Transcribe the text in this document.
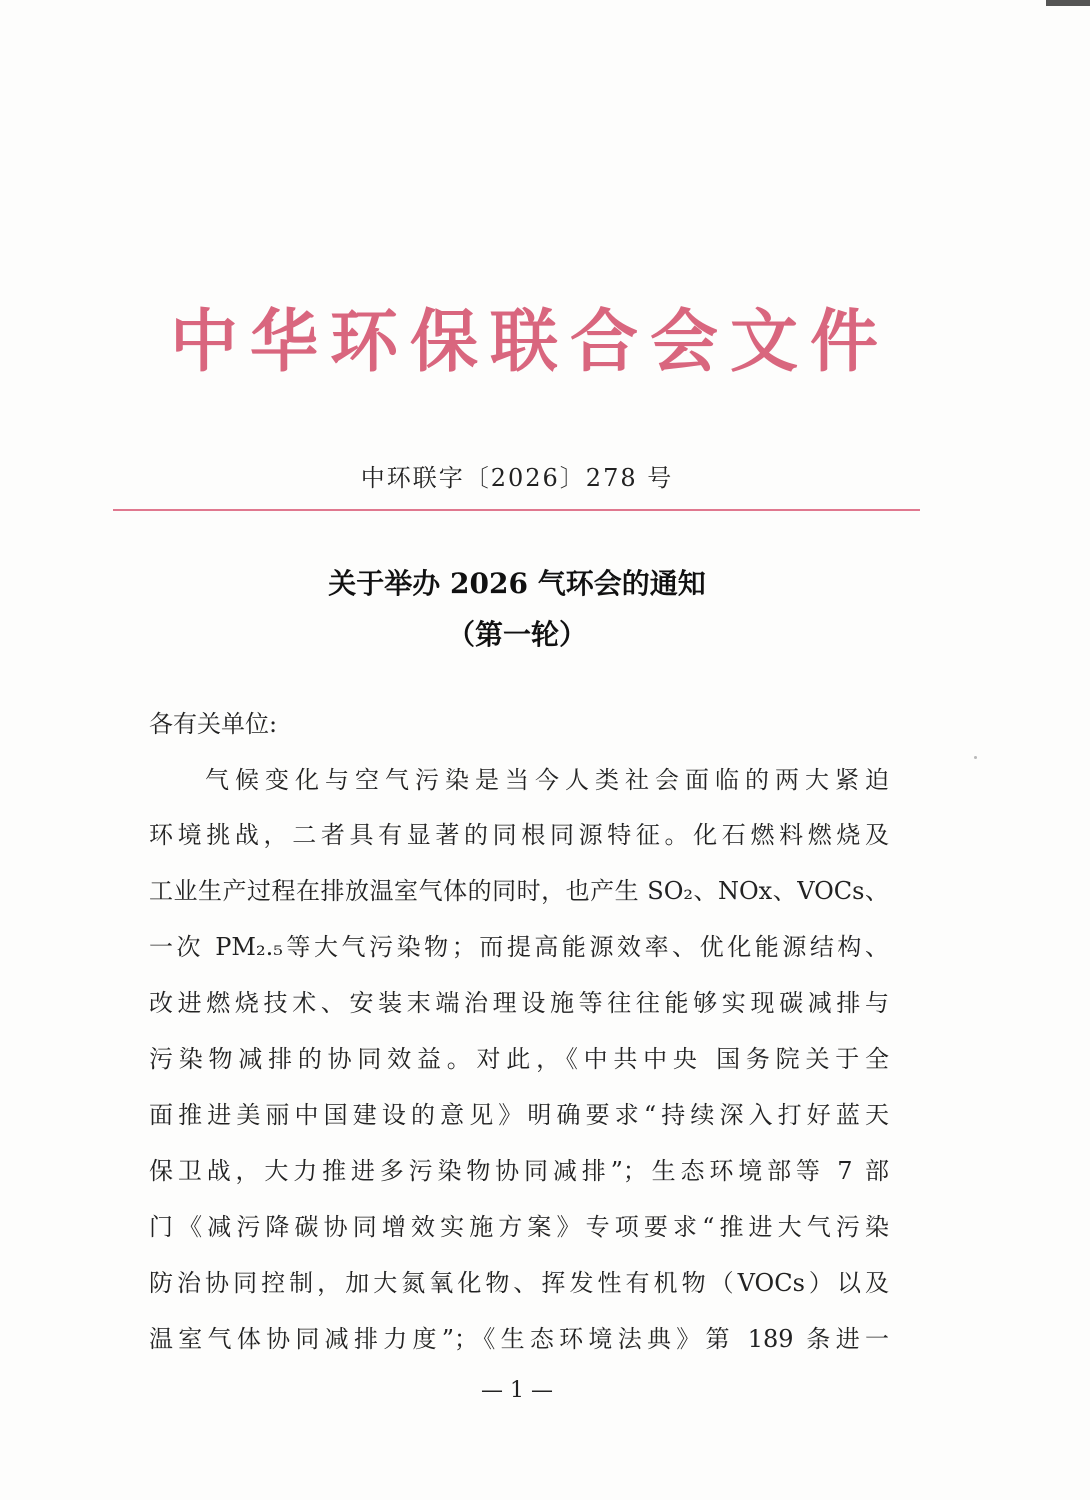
中华环保联合会文件
中环联字〔2026〕278 号
关于举办 2026 气环会的通知
（第一轮）
各有关单位:
气候变化与空气污染是当今人类社会面临的两大紧迫
环境挑战，二者具有显著的同根同源特征。化石燃料燃烧及
工业生产过程在排放温室气体的同时，也产生 SO₂、NOx、VOCs、
一次 PM₂.₅等大气污染物；而提高能源效率、优化能源结构、
改进燃烧技术、安装末端治理设施等往往能够实现碳减排与
污染物减排的协同效益。对此，《中共中央 国务院关于全
面推进美丽中国建设的意见》明确要求“持续深入打好蓝天
保卫战，大力推进多污染物协同减排”；生态环境部等 7 部
门《减污降碳协同增效实施方案》专项要求“推进大气污染
防治协同控制，加大氮氧化物、挥发性有机物（VOCs）以及
温室气体协同减排力度”；《生态环境法典》第 189 条进一
— 1 —
